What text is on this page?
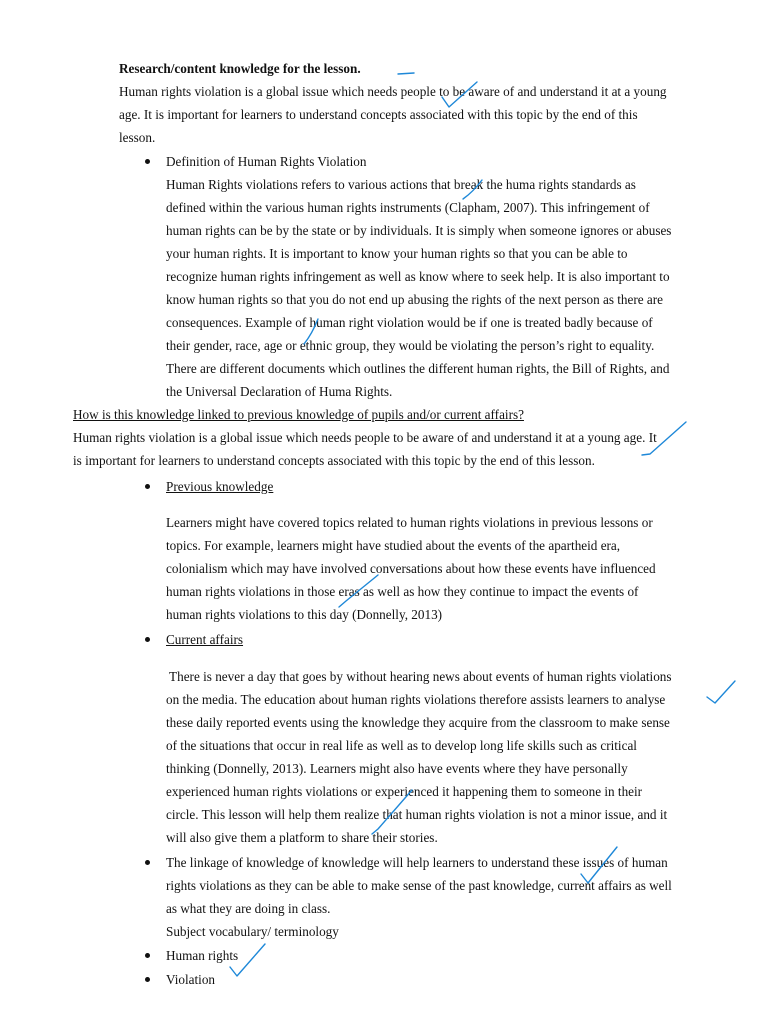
Research/content knowledge for the lesson.
Human rights violation is a global issue which needs people to be aware of and understand it at a young
age. It is important for learners to understand concepts associated with this topic by the end of this
lesson.
Definition of Human Rights Violation
Human Rights violations refers to various actions that break the huma rights standards as
defined within the various human rights instruments (Clapham, 2007). This infringement of
human rights can be by the state or by individuals. It is simply when someone ignores or abuses
your human rights. It is important to know your human rights so that you can be able to
recognize human rights infringement as well as know where to seek help. It is also important to
know human rights so that you do not end up abusing the rights of the next person as there are
consequences. Example of human right violation would be if one is treated badly because of
their gender, race, age or ethnic group, they would be violating the person’s right to equality.
There are different documents which outlines the different human rights, the Bill of Rights, and
the Universal Declaration of Huma Rights.
How is this knowledge linked to previous knowledge of pupils and/or current affairs?
Human rights violation is a global issue which needs people to be aware of and understand it at a young age. It
is important for learners to understand concepts associated with this topic by the end of this lesson.
Previous knowledge
Learners might have covered topics related to human rights violations in previous lessons or
topics. For example, learners might have studied about the events of the apartheid era,
colonialism which may have involved conversations about how these events have influenced
human rights violations in those eras as well as how they continue to impact the events of
human rights violations to this day (Donnelly, 2013)
Current affairs
There is never a day that goes by without hearing news about events of human rights violations
on the media. The education about human rights violations therefore assists learners to analyse
these daily reported events using the knowledge they acquire from the classroom to make sense
of the situations that occur in real life as well as to develop long life skills such as critical
thinking (Donnelly, 2013). Learners might also have events where they have personally
experienced human rights violations or experienced it happening them to someone in their
circle. This lesson will help them realize that human rights violation is not a minor issue, and it
will also give them a platform to share their stories.
The linkage of knowledge of knowledge will help learners to understand these issues of human
rights violations as they can be able to make sense of the past knowledge, current affairs as well
as what they are doing in class.
Subject vocabulary/ terminology
Human rights
Violation
